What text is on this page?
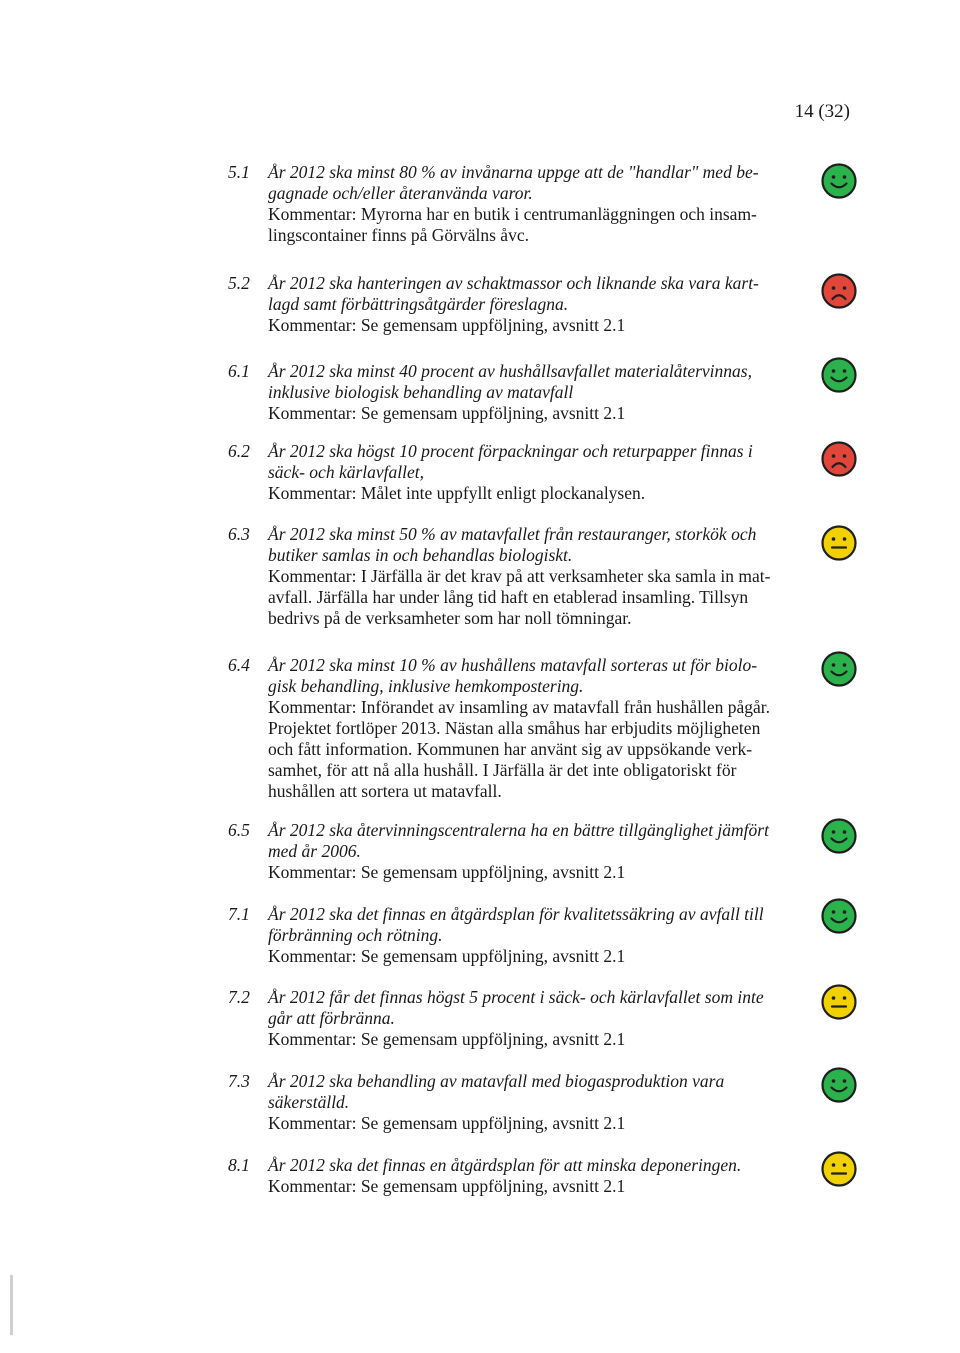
14 (32)
5.1 År 2012 ska minst 80 % av invånarna uppge att de "handlar" med be-
gagnade och/eller återanvända varor.
Kommentar: Myrorna har en butik i centrumanläggningen och insam-
lingscontainer finns på Görvälns åvc.
5.2 År 2012 ska hanteringen av schaktmassor och liknande ska vara kart-
lagd samt förbättringsåtgärder föreslagna.
Kommentar: Se gemensam uppföljning, avsnitt 2.1
6.1 År 2012 ska minst 40 procent av hushållsavfallet materialåtervinnas,
inklusive biologisk behandling av matavfall
Kommentar: Se gemensam uppföljning, avsnitt 2.1
6.2 År 2012 ska högst 10 procent förpackningar och returpapper finnas i
säck- och kärlavfallet,
Kommentar: Målet inte uppfyllt enligt plockanalysen.
6.3 År 2012 ska minst 50 % av matavfallet från restauranger, storkök och
butiker samlas in och behandlas biologiskt.
Kommentar: I Järfälla är det krav på att verksamheter ska samla in mat-
avfall. Järfälla har under lång tid haft en etablerad insamling. Tillsyn
bedrivs på de verksamheter som har noll tömningar.
6.4 År 2012 ska minst 10 % av hushållens matavfall sorteras ut för biolo-
gisk behandling, inklusive hemkompostering.
Kommentar: Införandet av insamling av matavfall från hushållen pågår.
Projektet fortlöper 2013. Nästan alla småhus har erbjudits möjligheten
och fått information. Kommunen har använt sig av uppsökande verk-
samhet, för att nå alla hushåll. I Järfälla är det inte obligatoriskt för
hushållen att sortera ut matavfall.
6.5 År 2012 ska återvinningscentralerna ha en bättre tillgänglighet jämfört
med år 2006.
Kommentar: Se gemensam uppföljning, avsnitt 2.1
7.1 År 2012 ska det finnas en åtgärdsplan för kvalitetssäkring av avfall till
förbränning och rötning.
Kommentar: Se gemensam uppföljning, avsnitt 2.1
7.2 År 2012 får det finnas högst 5 procent i säck- och kärlavfallet som inte
går att förbränna.
Kommentar: Se gemensam uppföljning, avsnitt 2.1
7.3 År 2012 ska behandling av matavfall med biogasproduktion vara
säkerställd.
Kommentar: Se gemensam uppföljning, avsnitt 2.1
8.1 År 2012 ska det finnas en åtgärdsplan för att minska deponeringen.
Kommentar: Se gemensam uppföljning, avsnitt 2.1
